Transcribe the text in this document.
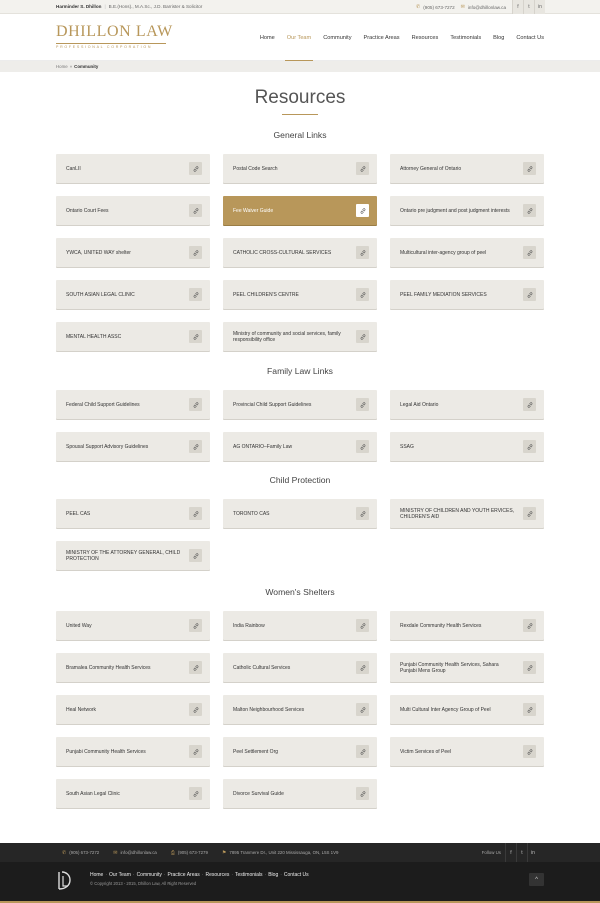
Harminder S. Dhillon | B.E.(Hons)., M.A.Sc., J.D. Barrister & Solicitor	✆ (905) 673-7272 ✉ info@dhillonlaw.ca	f	t	in
DHILLON LAW
PROFESSIONAL CORPORATION
Home Our Team Community Practice Areas Resources Testimonials Blog Contact Us
Home » Community
Resources
General Links
CanLII	Postal Code Search	Attorney General of Ontario
Ontario Court Fees	Fee Waiver Guide	Ontario pre judgment and post judgment interests
YWCA, UNITED WAY shelter	CATHOLIC CROSS-CULTURAL SERVICES	Multicultural inter-agency group of peel
SOUTH ASIAN LEGAL CLINIC	PEEL CHILDREN'S CENTRE	PEEL FAMILY MEDIATION SERVICES
MENTAL HEALTH ASSC	Ministry of community and social services, family responsibility office
Family Law Links
Federal Child Support Guidelines	Provincial Child Support Guidelines	Legal Aid Ontario
Spousal Support Advisory Guidelines	AG ONTARIO–Family Law	SSAG
Child Protection
PEEL CAS	TORONTO CAS	MINISTRY OF CHILDREN AND YOUTH ERVICES, CHILDREN'S AID
MINISTRY OF THE ATTORNEY GENERAL, CHILD PROTECTION
Women's Shelters
United Way	India Rainbow	Rexdale Community Health Services
Bramalea Community Health Services	Catholic Cultural Services	Punjabi Community Health Services, Sahara Punjabi Mens Group
Heal Network	Malton Neighbourhood Services	Multi Cultural Inter Agency Group of Peel
Punjabi Community Health Services	Peel Settlement Org	Victim Services of Peel
South Asian Legal Clinic	Divorce Survival Guide
✆ (905) 673-7272	✉ info@dhillonlaw.ca	⎙ (905) 673-7279	⚑ 7895 Tranmere Dr., Unit 220 Mississauga, ON, L5S 1V9	Follow Us	f	t	in
Home · Our Team · Community · Practice Areas · Resources · Testimonials · Blog · Contact Us
© Copyright 2013 - 2015, Dhillon Law, All Right Reserved
^
